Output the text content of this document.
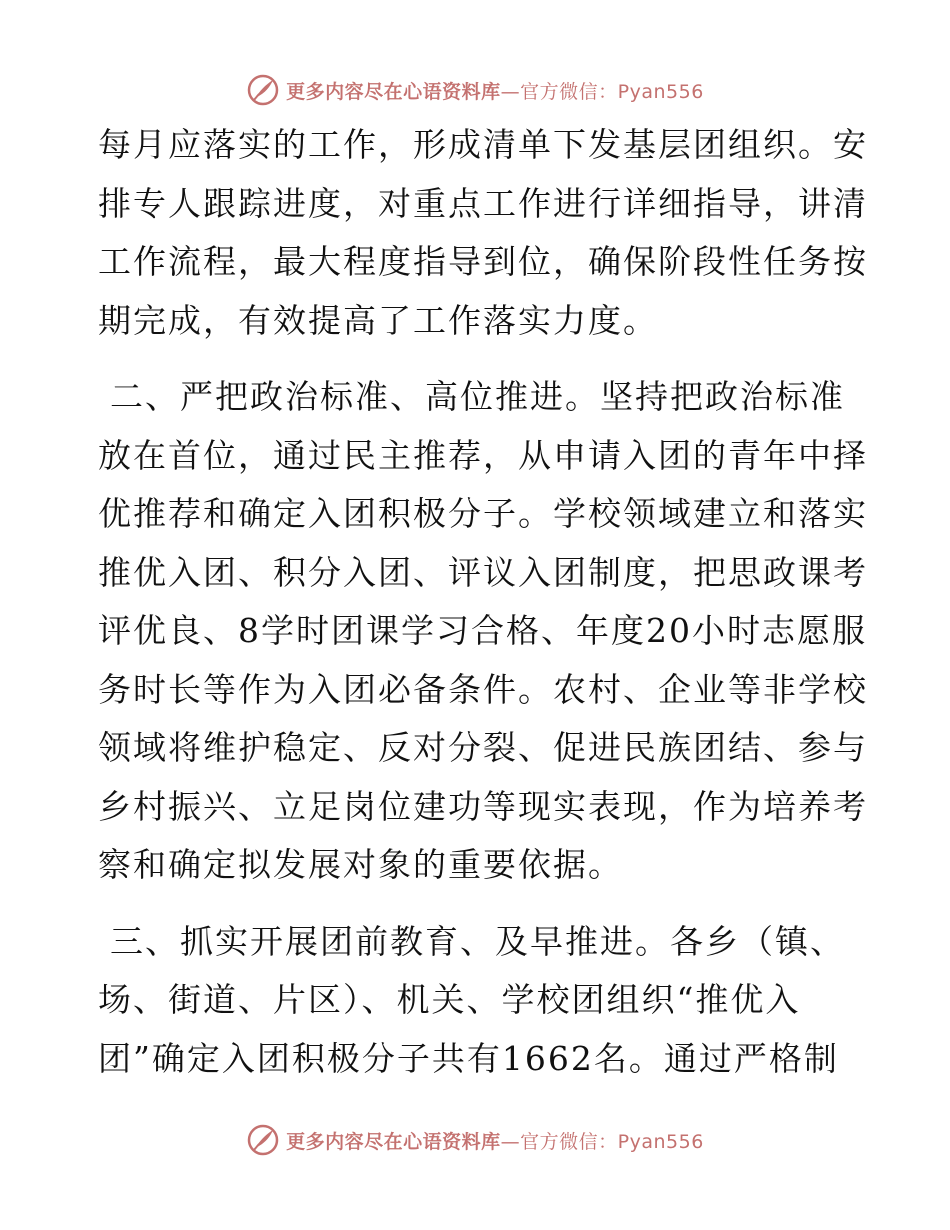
更多内容尽在心语资料库—官方微信：Pyan556
每月应落实的工作，形成清单下发基层团组织。安
排专人跟踪进度，对重点工作进行详细指导，讲清
工作流程，最大程度指导到位，确保阶段性任务按
期完成，有效提高了工作落实力度。
二、严把政治标准、高位推进。坚持把政治标准
放在首位，通过民主推荐，从申请入团的青年中择
优推荐和确定入团积极分子。学校领域建立和落实
推优入团、积分入团、评议入团制度，把思政课考
评优良、8学时团课学习合格、年度20小时志愿服
务时长等作为入团必备条件。农村、企业等非学校
领域将维护稳定、反对分裂、促进民族团结、参与
乡村振兴、立足岗位建功等现实表现，作为培养考
察和确定拟发展对象的重要依据。
三、抓实开展团前教育、及早推进。各乡（镇、
场、街道、片区）、机关、学校团组织“推优入
团”确定入团积极分子共有1662名。通过严格制
更多内容尽在心语资料库—官方微信：Pyan556
